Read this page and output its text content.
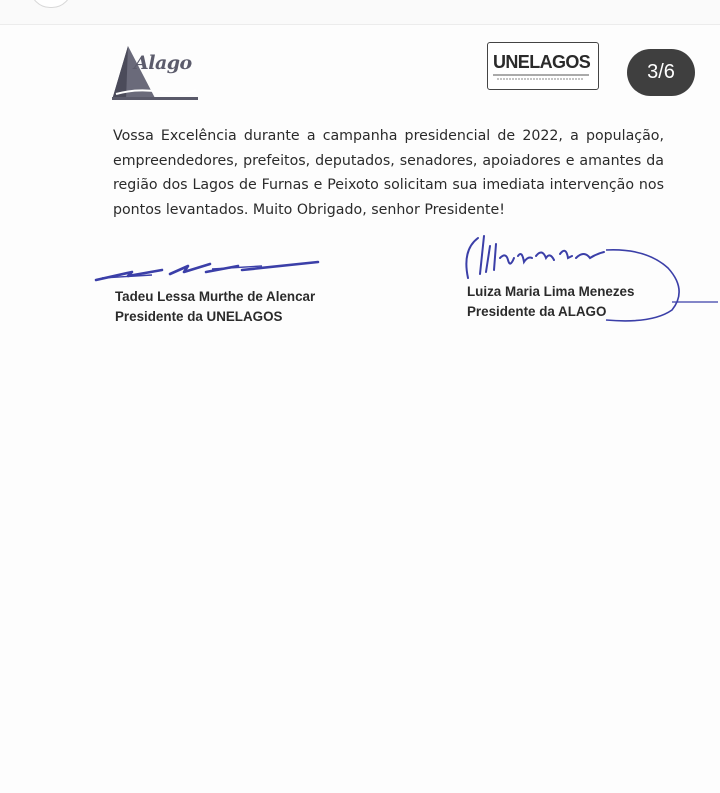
Alago	UNELAGOS	3/6

Vossa Excelência durante a campanha presidencial de 2022, a população, empreendedores, prefeitos, deputados, senadores, apoiadores e amantes da região dos Lagos de Furnas e Peixoto solicitam sua imediata intervenção nos pontos levantados. Muito Obrigado, senhor Presidente!

Tadeu Lessa Murthe de Alencar
Presidente da UNELAGOS
Luiza Maria Lima Menezes
Presidente da ALAGO
